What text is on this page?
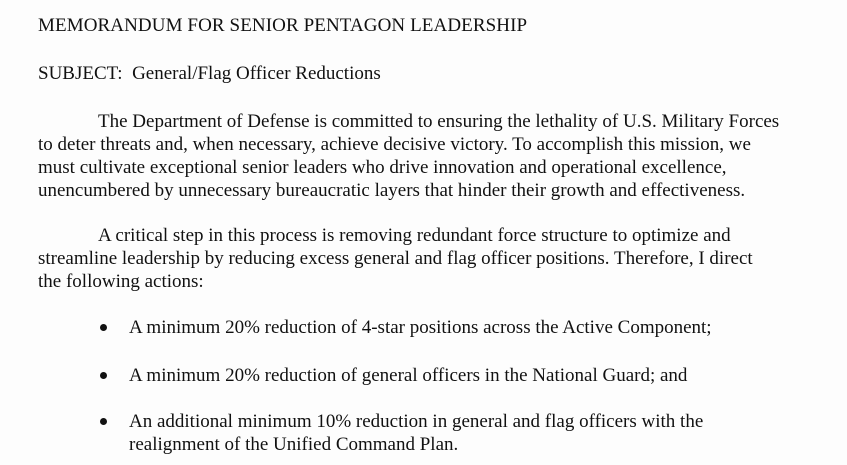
MEMORANDUM FOR SENIOR PENTAGON LEADERSHIP
SUBJECT: General/Flag Officer Reductions

The Department of Defense is committed to ensuring the lethality of U.S. Military Forces
to deter threats and, when necessary, achieve decisive victory. To accomplish this mission, we
must cultivate exceptional senior leaders who drive innovation and operational excellence,
unencumbered by unnecessary bureaucratic layers that hinder their growth and effectiveness.

A critical step in this process is removing redundant force structure to optimize and
streamline leadership by reducing excess general and flag officer positions. Therefore, I direct
the following actions:

A minimum 20% reduction of 4-star positions across the Active Component;
A minimum 20% reduction of general officers in the National Guard; and
An additional minimum 10% reduction in general and flag officers with the
realignment of the Unified Command Plan.
